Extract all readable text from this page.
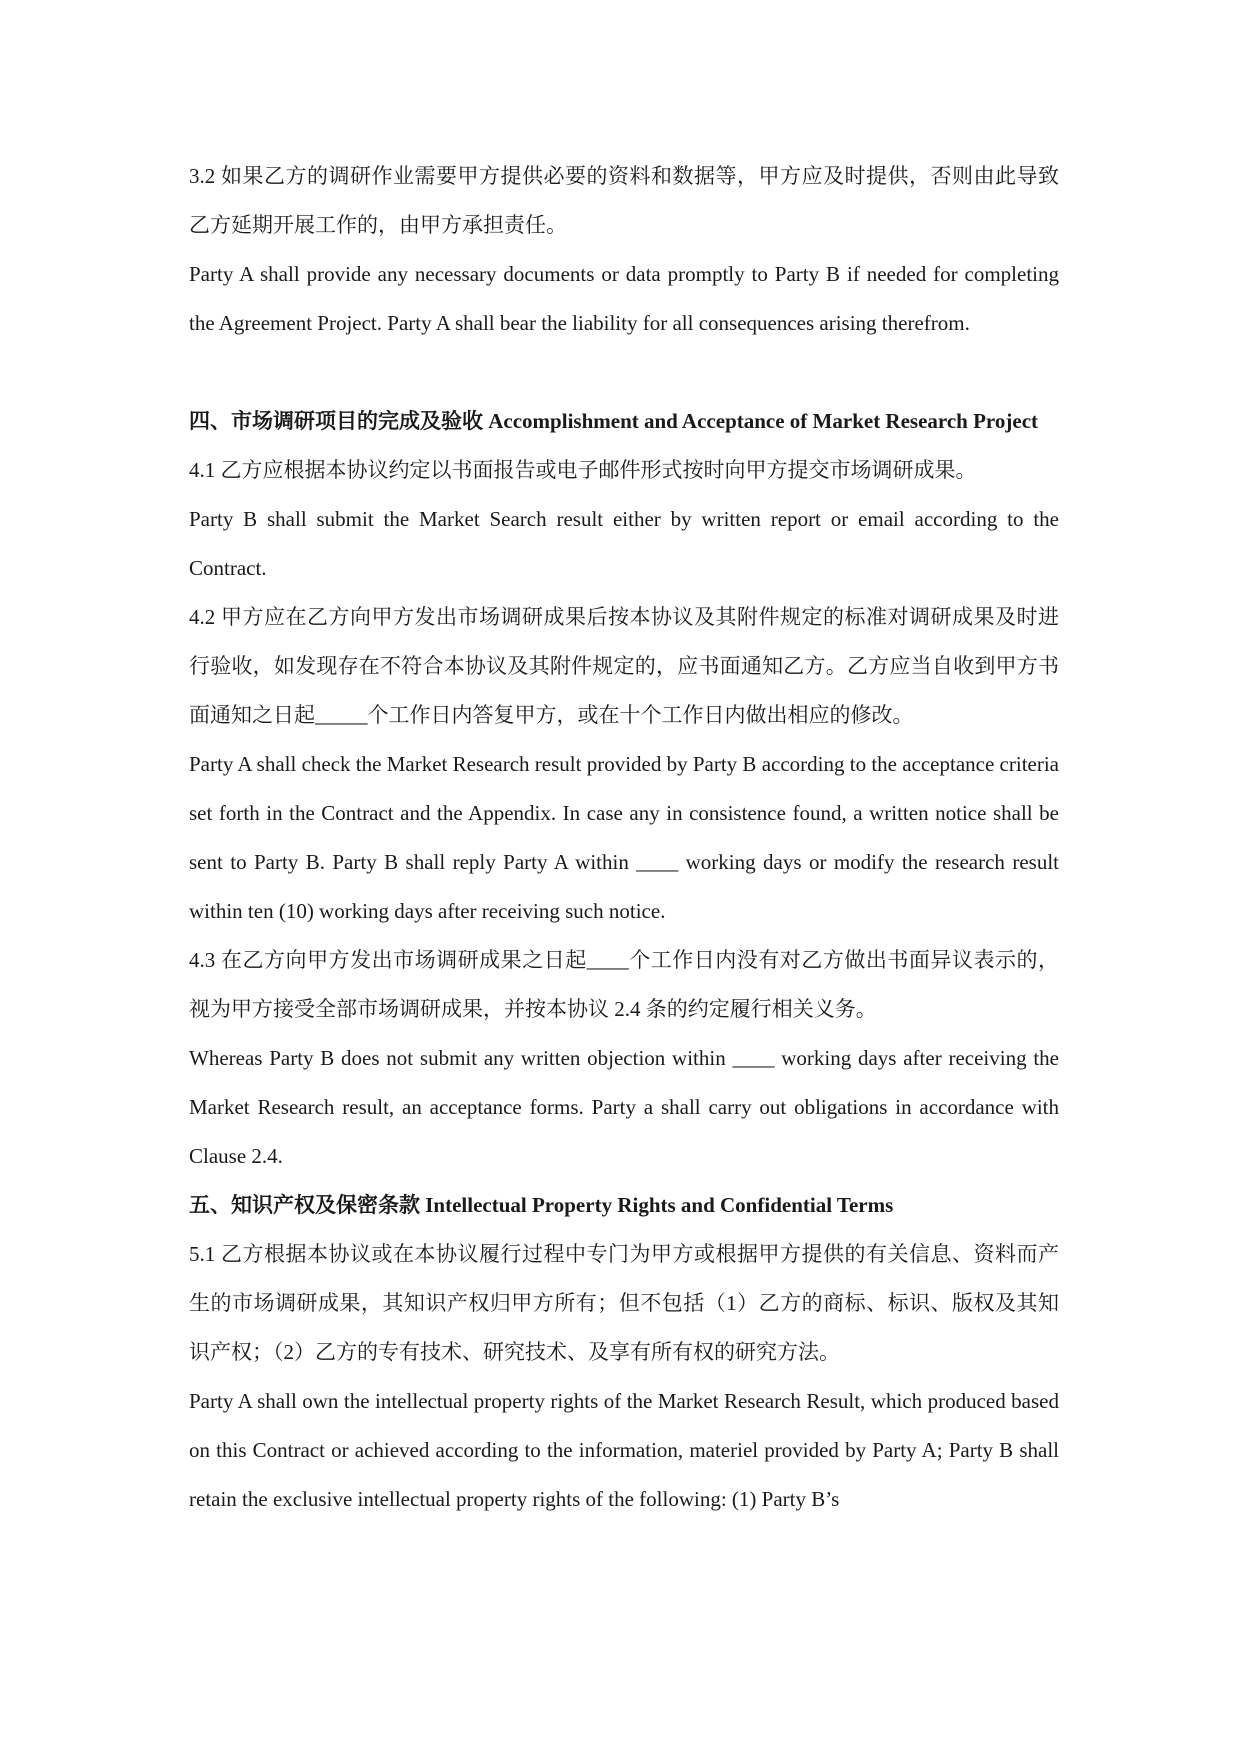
3.2 如果乙方的调研作业需要甲方提供必要的资料和数据等，甲方应及时提供，否则由此导致乙方延期开展工作的，由甲方承担责任。

Party A shall provide any necessary documents or data promptly to Party B if needed for completing the Agreement Project. Party A shall bear the liability for all consequences arising therefrom.

四、市场调研项目的完成及验收 Accomplishment and Acceptance of Market Research Project

4.1 乙方应根据本协议约定以书面报告或电子邮件形式按时向甲方提交市场调研成果。

Party B shall submit the Market Search result either by written report or email according to the Contract.

4.2 甲方应在乙方向甲方发出市场调研成果后按本协议及其附件规定的标准对调研成果及时进行验收，如发现存在不符合本协议及其附件规定的，应书面通知乙方。乙方应当自收到甲方书面通知之日起_____个工作日内答复甲方，或在十个工作日内做出相应的修改。

Party A shall check the Market Research result provided by Party B according to the acceptance criteria set forth in the Contract and the Appendix. In case any in consistence found, a written notice shall be sent to Party B. Party B shall reply Party A within ____ working days or modify the research result within ten (10) working days after receiving such notice.

4.3 在乙方向甲方发出市场调研成果之日起____个工作日内没有对乙方做出书面异议表示的，视为甲方接受全部市场调研成果，并按本协议 2.4 条的约定履行相关义务。

Whereas Party B does not submit any written objection within ____ working days after receiving the Market Research result, an acceptance forms. Party a shall carry out obligations in accordance with Clause 2.4.

五、知识产权及保密条款 Intellectual Property Rights and Confidential Terms

5.1 乙方根据本协议或在本协议履行过程中专门为甲方或根据甲方提供的有关信息、资料而产生的市场调研成果，其知识产权归甲方所有；但不包括（1）乙方的商标、标识、版权及其知识产权；（2）乙方的专有技术、研究技术、及享有所有权的研究方法。

Party A shall own the intellectual property rights of the Market Research Result, which produced based on this Contract or achieved according to the information, materiel provided by Party A; Party B shall retain the exclusive intellectual property rights of the following: (1) Party B’s
